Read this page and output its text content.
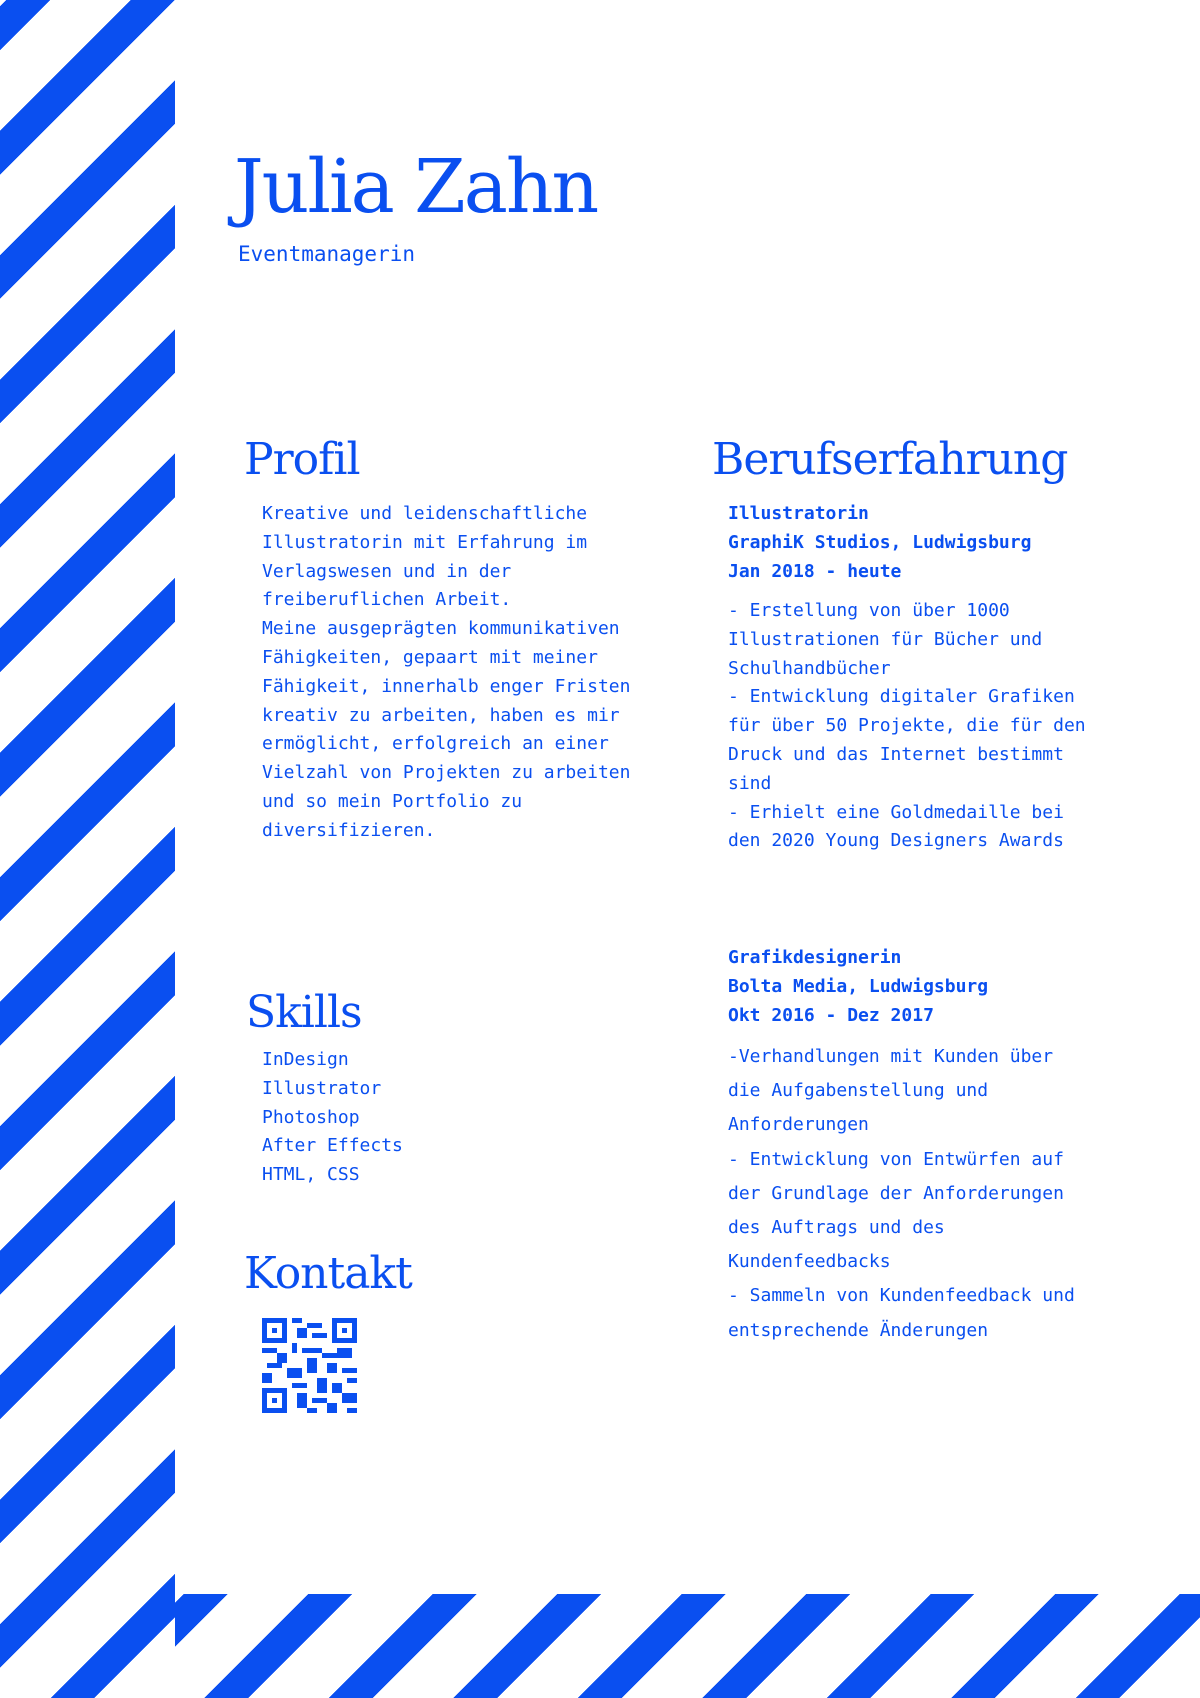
Julia Zahn
Eventmanagerin
Profil
Kreative und leidenschaftliche
Illustratorin mit Erfahrung im
Verlagswesen und in der
freiberuflichen Arbeit.
Meine ausgeprägten kommunikativen
Fähigkeiten, gepaart mit meiner
Fähigkeit, innerhalb enger Fristen
kreativ zu arbeiten, haben es mir
ermöglicht, erfolgreich an einer
Vielzahl von Projekten zu arbeiten
und so mein Portfolio zu
diversifizieren.
Skills
InDesign
Illustrator
Photoshop
After Effects
HTML, CSS
Kontakt
Berufserfahrung
Illustratorin
GraphiK Studios, Ludwigsburg
Jan 2018 - heute
- Erstellung von über 1000
Illustrationen für Bücher und
Schulhandbücher
- Entwicklung digitaler Grafiken
für über 50 Projekte, die für den
Druck und das Internet bestimmt
sind
- Erhielt eine Goldmedaille bei
den 2020 Young Designers Awards
Grafikdesignerin
Bolta Media, Ludwigsburg
Okt 2016 - Dez 2017
-Verhandlungen mit Kunden über
die Aufgabenstellung und
Anforderungen
- Entwicklung von Entwürfen auf
der Grundlage der Anforderungen
des Auftrags und des
Kundenfeedbacks
- Sammeln von Kundenfeedback und
entsprechende Änderungen
